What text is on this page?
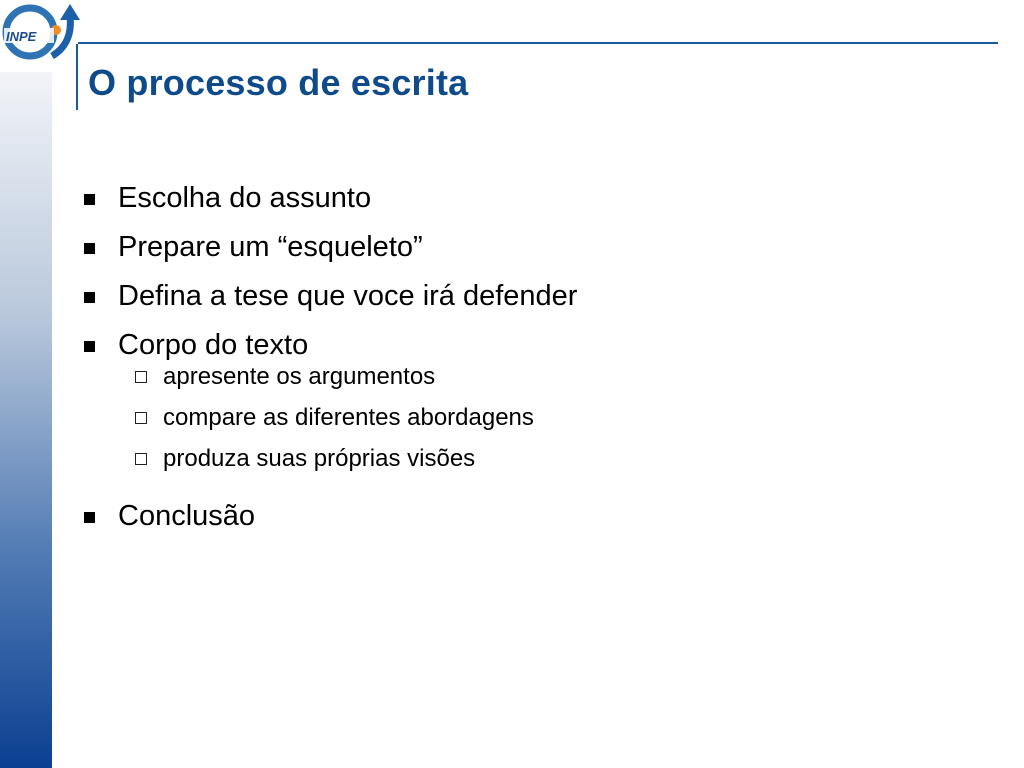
INPE
O processo de escrita
Escolha do assunto
Prepare um “esqueleto”
Defina a tese que voce irá defender
Corpo do texto
apresente os argumentos
compare as diferentes abordagens
produza suas próprias visões
Conclusão
